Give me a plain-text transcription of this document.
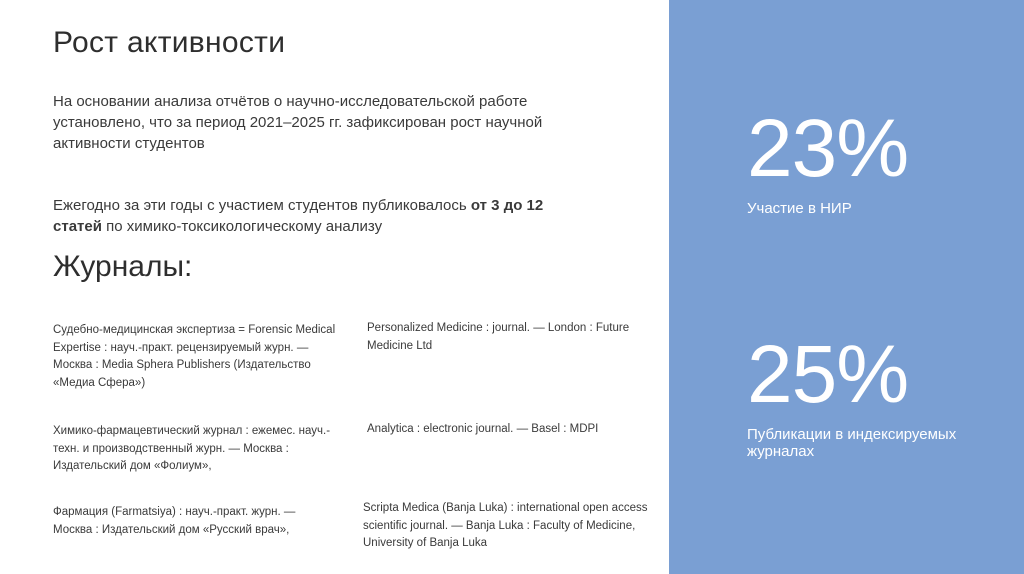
Рост активности
На основании анализа отчётов о научно-исследовательской работе установлено, что за период 2021–2025 гг. зафиксирован рост научной активности студентов
Ежегодно за эти годы с участием студентов публиковалось от 3 до 12 статей по химико-токсикологическому анализу
Журналы:
Судебно-медицинская экспертиза = Forensic Medical Expertise : науч.-практ. рецензируемый журн. — Москва : Media Sphera Publishers (Издательство «Медиа Сфера»)
Химико-фармацевтический журнал : ежемес. науч.-техн. и производственный журн. — Москва : Издательский дом «Фолиум»,
Фармация (Farmatsiya) : науч.-практ. журн. — Москва : Издательский дом «Русский врач»,
Personalized Medicine : journal. — London : Future Medicine Ltd
Analytica : electronic journal. — Basel : MDPI
Scripta Medica (Banja Luka) : international open access scientific journal. — Banja Luka : Faculty of Medicine, University of Banja Luka
23%
Участие в НИР
25%
Публикации в индексируемых журналах
